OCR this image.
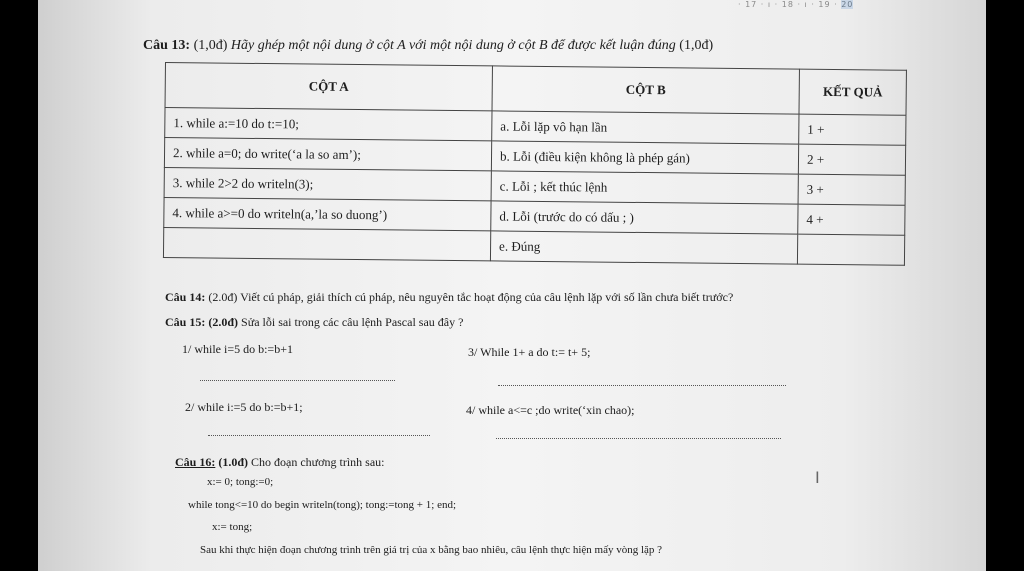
· 17 · ı · 18 · ı · 19 · 20
Câu 13: (1,0đ) Hãy ghép một nội dung ở cột A với một nội dung ở cột B để được kết luận đúng (1,0đ)
CỘT A	CỘT B	KẾT QUẢ
1. while a:=10 do t:=10;	a. Lỗi lặp vô hạn lần	1 +
2. while a=0; do write(‘a la so am’);	b. Lỗi (điều kiện không là phép gán)	2 +
3. while 2>2 do writeln(3);	c. Lỗi ; kết thúc lệnh	3 +
4. while a>=0 do writeln(a,’la so duong’)	d. Lỗi (trước do có dấu ; )	4 +
	e. Đúng	
Câu 14: (2.0đ) Viết cú pháp, giải thích cú pháp, nêu nguyên tắc hoạt động của câu lệnh lặp với số lần chưa biết trước?
Câu 15: (2.0đ) Sửa lỗi sai trong các câu lệnh Pascal sau đây ?
1/ while i=5 do b:=b+1	3/ While 1+ a do t:= t+ 5;
2/ while i:=5 do b:=b+1;	4/ while a<=c ;do write(‘xin chao);
Câu 16: (1.0đ) Cho đoạn chương trình sau:
x:= 0; tong:=0;
while tong<=10 do begin writeln(tong); tong:=tong + 1; end;
x:= tong;
Sau khi thực hiện đoạn chương trình trên giá trị của x bằng bao nhiêu, câu lệnh thực hiện mấy vòng lặp ?
I
